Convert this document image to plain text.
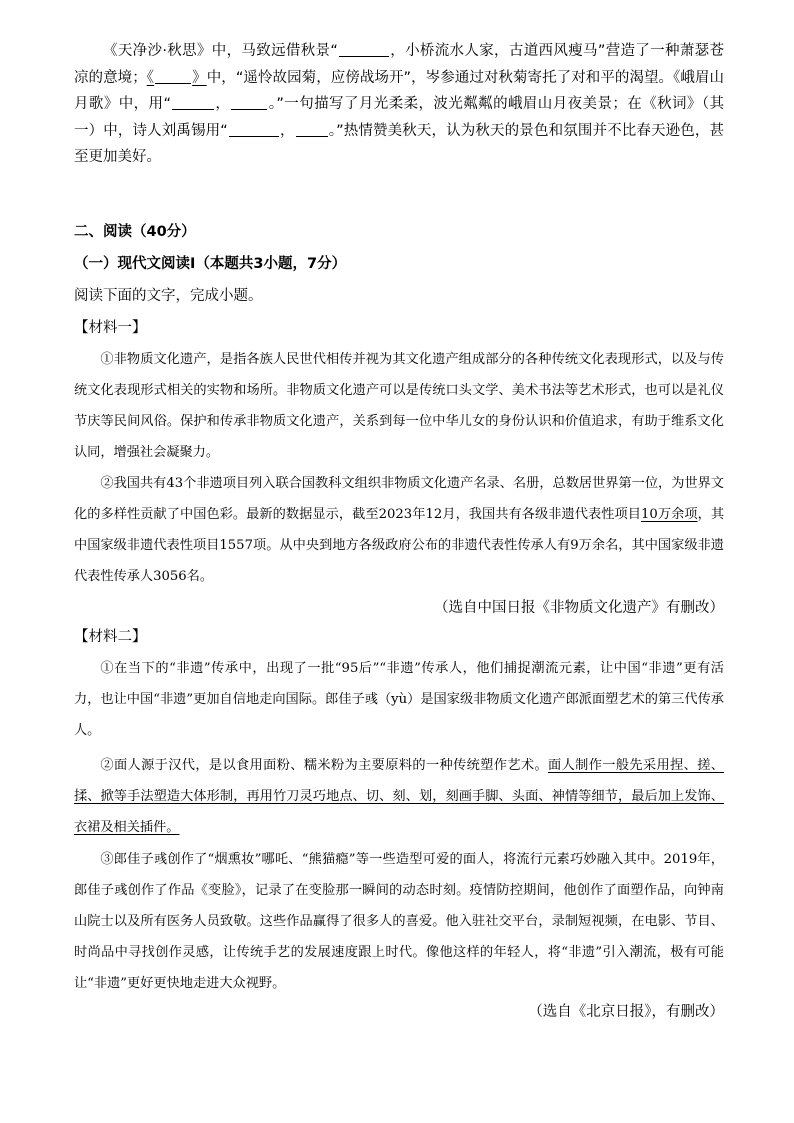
《天净沙·秋思》中，马致远借秋景“	，小桥流水人家，古道西风瘦马”营造了一种萧瑟苍凉的意境；《	》中，“遥怜故园菊，应傍战场开”，岑参通过对秋菊寄托了对和平的渴望。《峨眉山月歌》中，用“	，	。”一句描写了月光柔柔，波光粼粼的峨眉山月夜美景；在《秋词》（其一）中，诗人刘禹锡用“	， 。”热情赞美秋天，认为秋天的景色和氛围并不比春天逊色，甚至更加美好。
二、阅读（40分）
（一）现代文阅读Ⅰ（本题共3小题，7分）
阅读下面的文字，完成小题。
【材料一】
①非物质文化遗产，是指各族人民世代相传并视为其文化遗产组成部分的各种传统文化表现形式，以及与传统文化表现形式相关的实物和场所。非物质文化遗产可以是传统口头文学、美术书法等艺术形式，也可以是礼仪节庆等民间风俗。保护和传承非物质文化遗产，关系到每一位中华儿女的身份认识和价值追求，有助于维系文化认同，增强社会凝聚力。
②我国共有43个非遗项目列入联合国教科文组织非物质文化遗产名录、名册，总数居世界第一位，为世界文化的多样性贡献了中国色彩。最新的数据显示，截至2023年12月，我国共有各级非遗代表性项目10万余项，其中国家级非遗代表性项目1557项。从中央到地方各级政府公布的非遗代表性传承人有9万余名，其中国家级非遗代表性传承人3056名。
（选自中国日报《非物质文化遗产》有删改）
【材料二】
①在当下的“非遗”传承中，出现了一批“95后”“非遗”传承人，他们捕捉潮流元素，让中国“非遗”更有活力，也让中国“非遗”更加自信地走向国际。郎佳子彧（yù）是国家级非物质文化遗产郎派面塑艺术的第三代传承人。
②面人源于汉代，是以食用面粉、糯米粉为主要原料的一种传统塑作艺术。面人制作一般先采用捏、搓、揉、掀等手法塑造大体形制，再用竹刀灵巧地点、切、刻、划，刻画手脚、头面、神情等细节，最后加上发饰、衣裙及相关插件。
③郎佳子彧创作了“烟熏妆”哪吒、“熊猫瘾”等一些造型可爱的面人，将流行元素巧妙融入其中。2019年，郎佳子彧创作了作品《变脸》，记录了在变脸那一瞬间的动态时刻。疫情防控期间，他创作了面塑作品，向钟南山院士以及所有医务人员致敬。这些作品赢得了很多人的喜爱。他入驻社交平台，录制短视频，在电影、节目、时尚品中寻找创作灵感，让传统手艺的发展速度跟上时代。像他这样的年轻人，将“非遗”引入潮流，极有可能让“非遗”更好更快地走进大众视野。
（选自《北京日报》，有删改）
